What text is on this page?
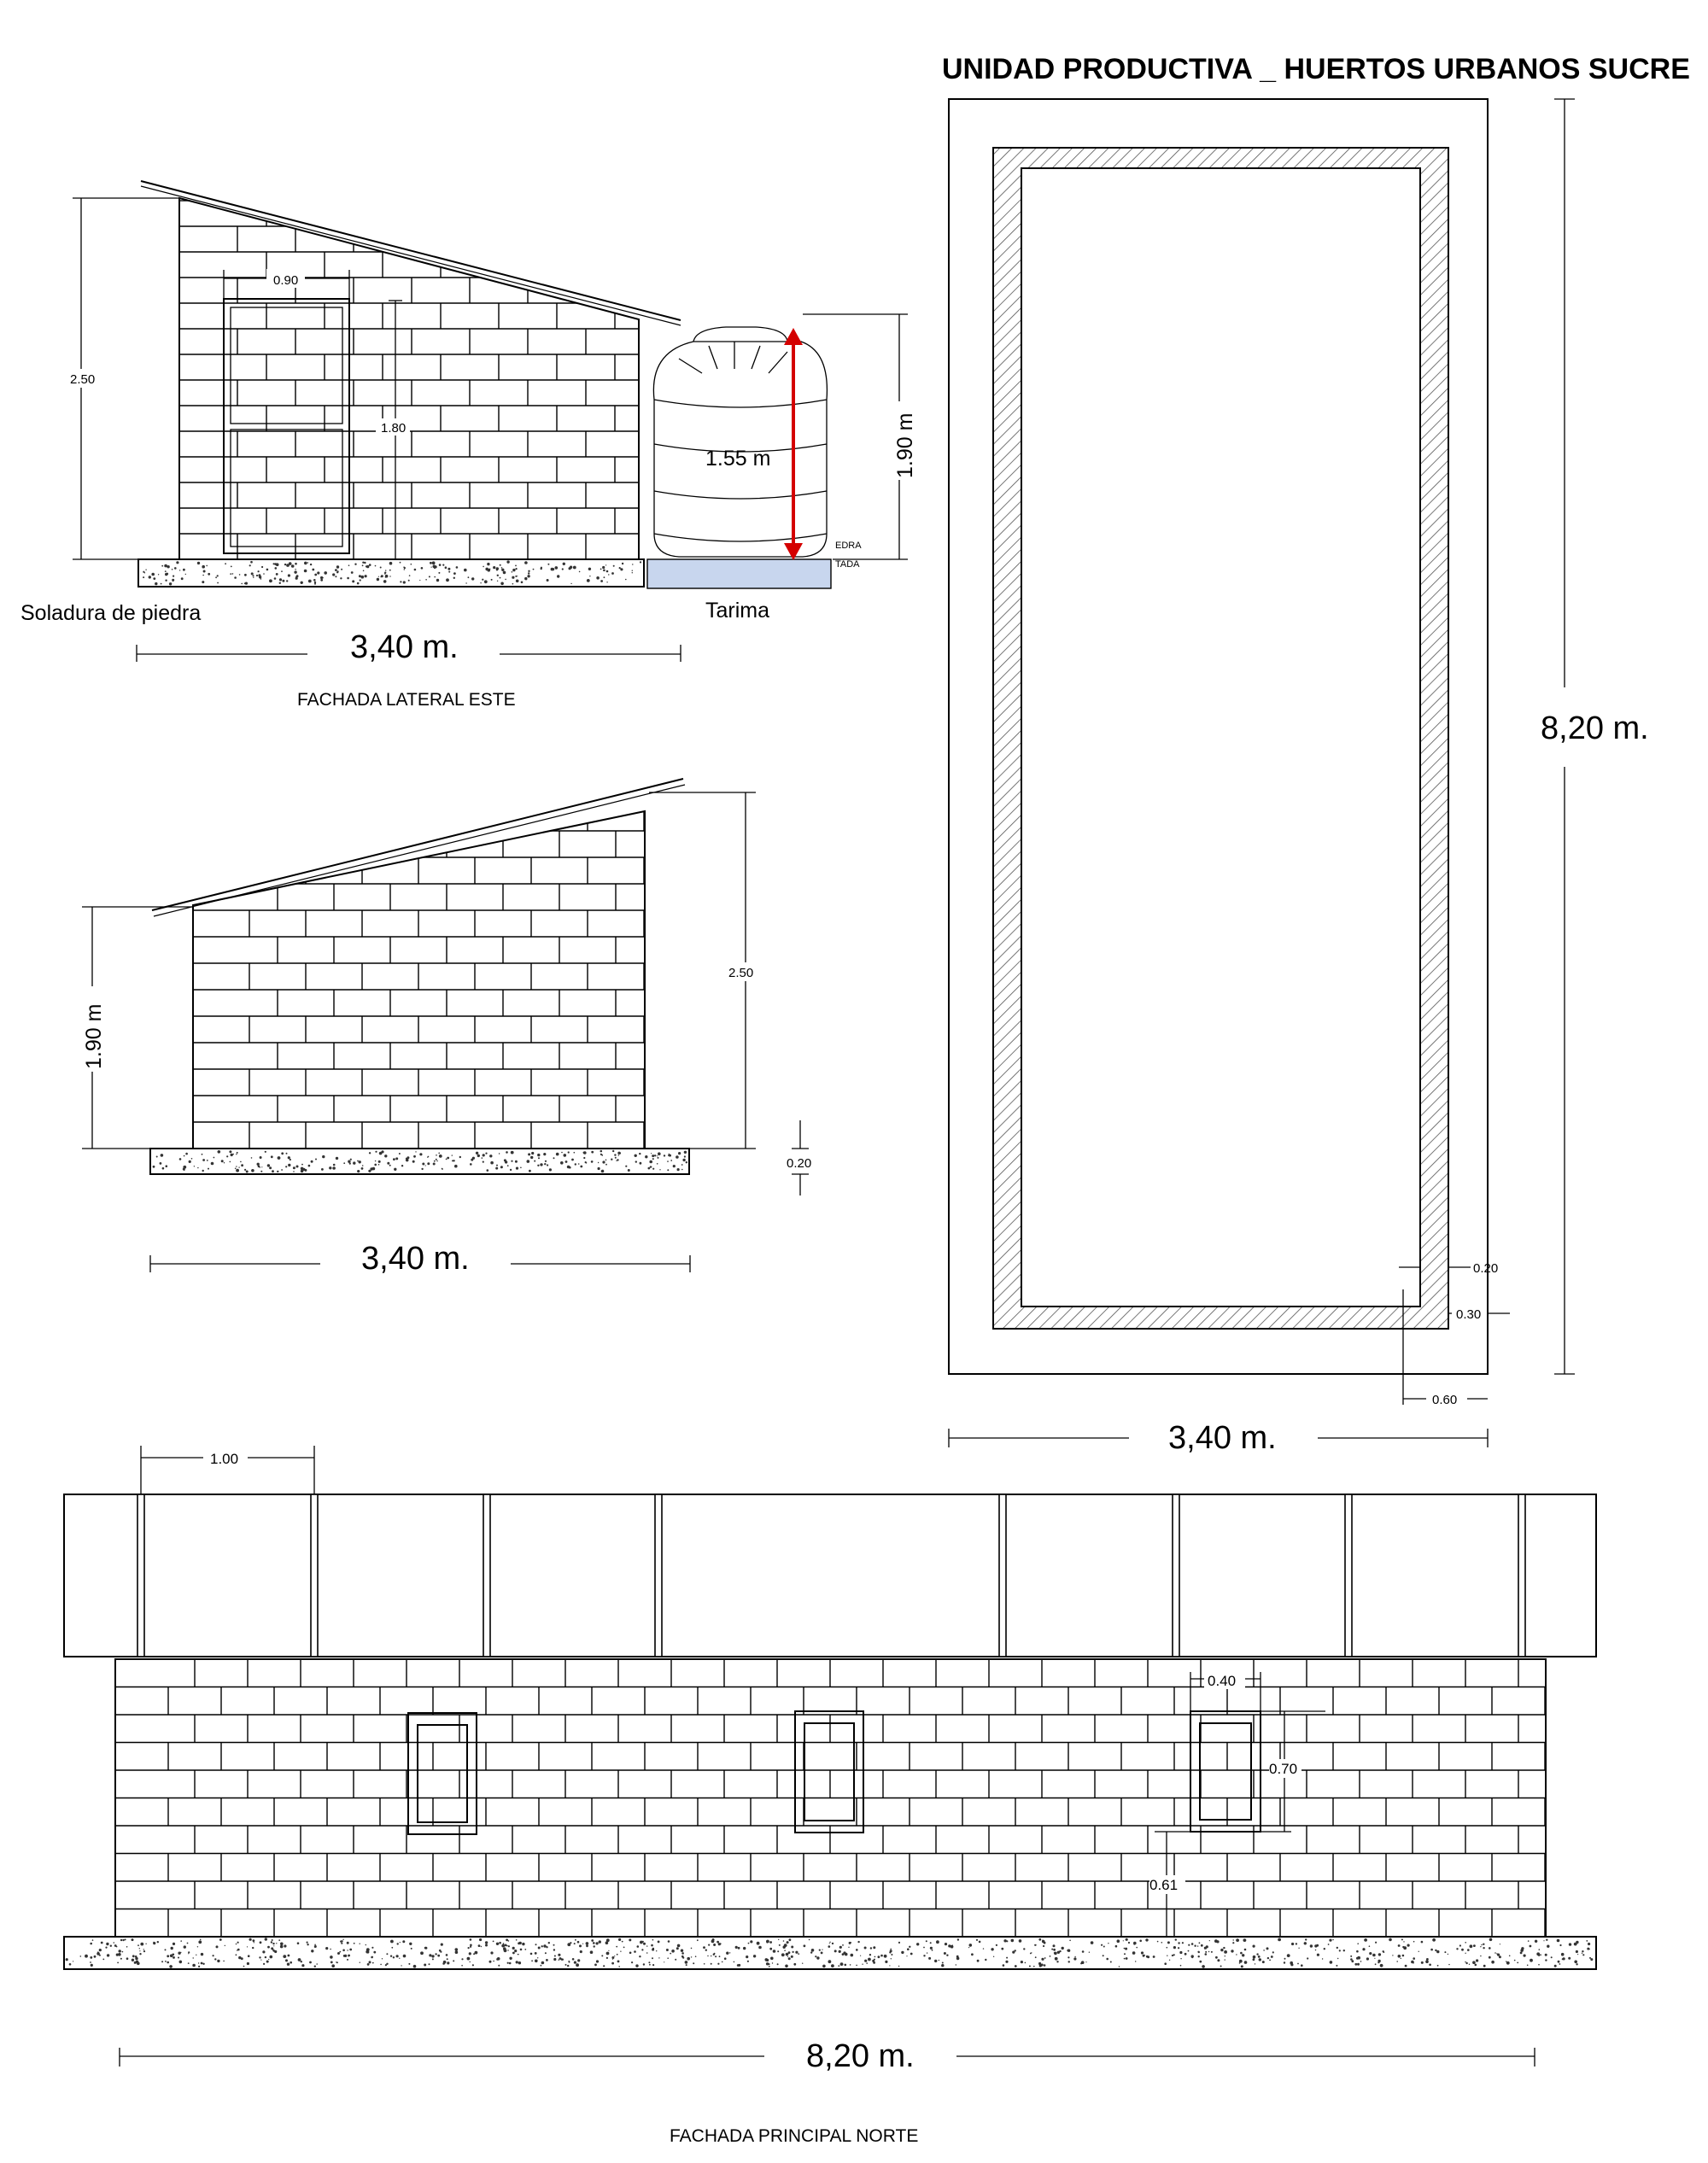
UNIDAD PRODUCTIVA _ HUERTOS URBANOS SUCRE
0.90
1.80
2.50
1.55 m
EDRA
TADA
1.90 m
Soladura de piedra	Tarima
3,40 m.
FACHADA LATERAL ESTE
1.90 m
2.50
0.20
3,40 m.
8,20 m.
3,40 m.
0.20
0.30
0.60
0.40
0.70
0.61
1.00
8,20 m.
FACHADA PRINCIPAL NORTE
